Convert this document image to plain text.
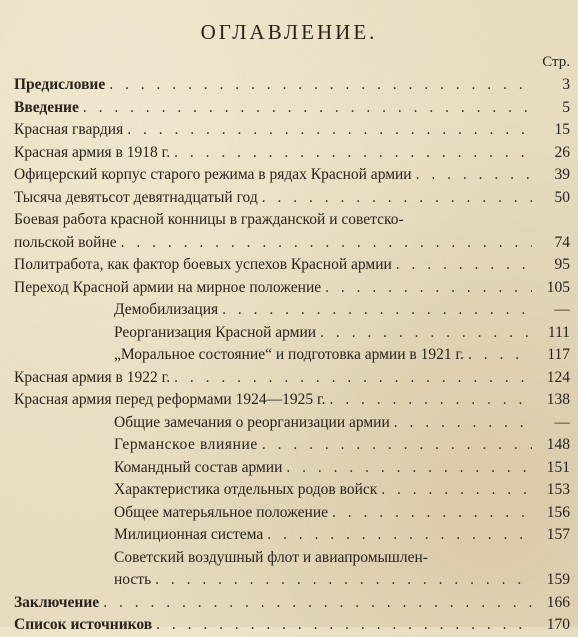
ОГЛАВЛЕНИЕ.
Стр.
Предисловие . . .	3
Введение . . .	5
Красная гвардия . . .	15
Красная армия в 1918 г. . . .	26
Офицерский корпус старого режима в рядах Красной армии . . .	39
Тысяча девятьсот девятнадцатый год . . .	50
Боевая работа красной конницы в гражданской и советско-
польской войне . . .	74
Политработа, как фактор боевых успехов Красной армии . . .	95
Переход Красной армии на мирное положение . . .	105
Демобилизация . . .	—
Реорганизация Красной армии . . .	111
„Моральное состояние“ и подготовка армии в 1921 г. . . .	117
Красная армия в 1922 г. . . .	124
Красная армия перед реформами 1924—1925 г. . . .	138
Общие замечания о реорганизации армии . . .	—
Германское влияние . . .	148
Командный состав армии . . .	151
Характеристика отдельных родов войск . . .	153
Общее матерьяльное положение . . .	156
Милиционная система . . .	157
Советский воздушный флот и авиапромышлен-
ность . . .	159
Заключение . . .	166
Список источников . . .	170
